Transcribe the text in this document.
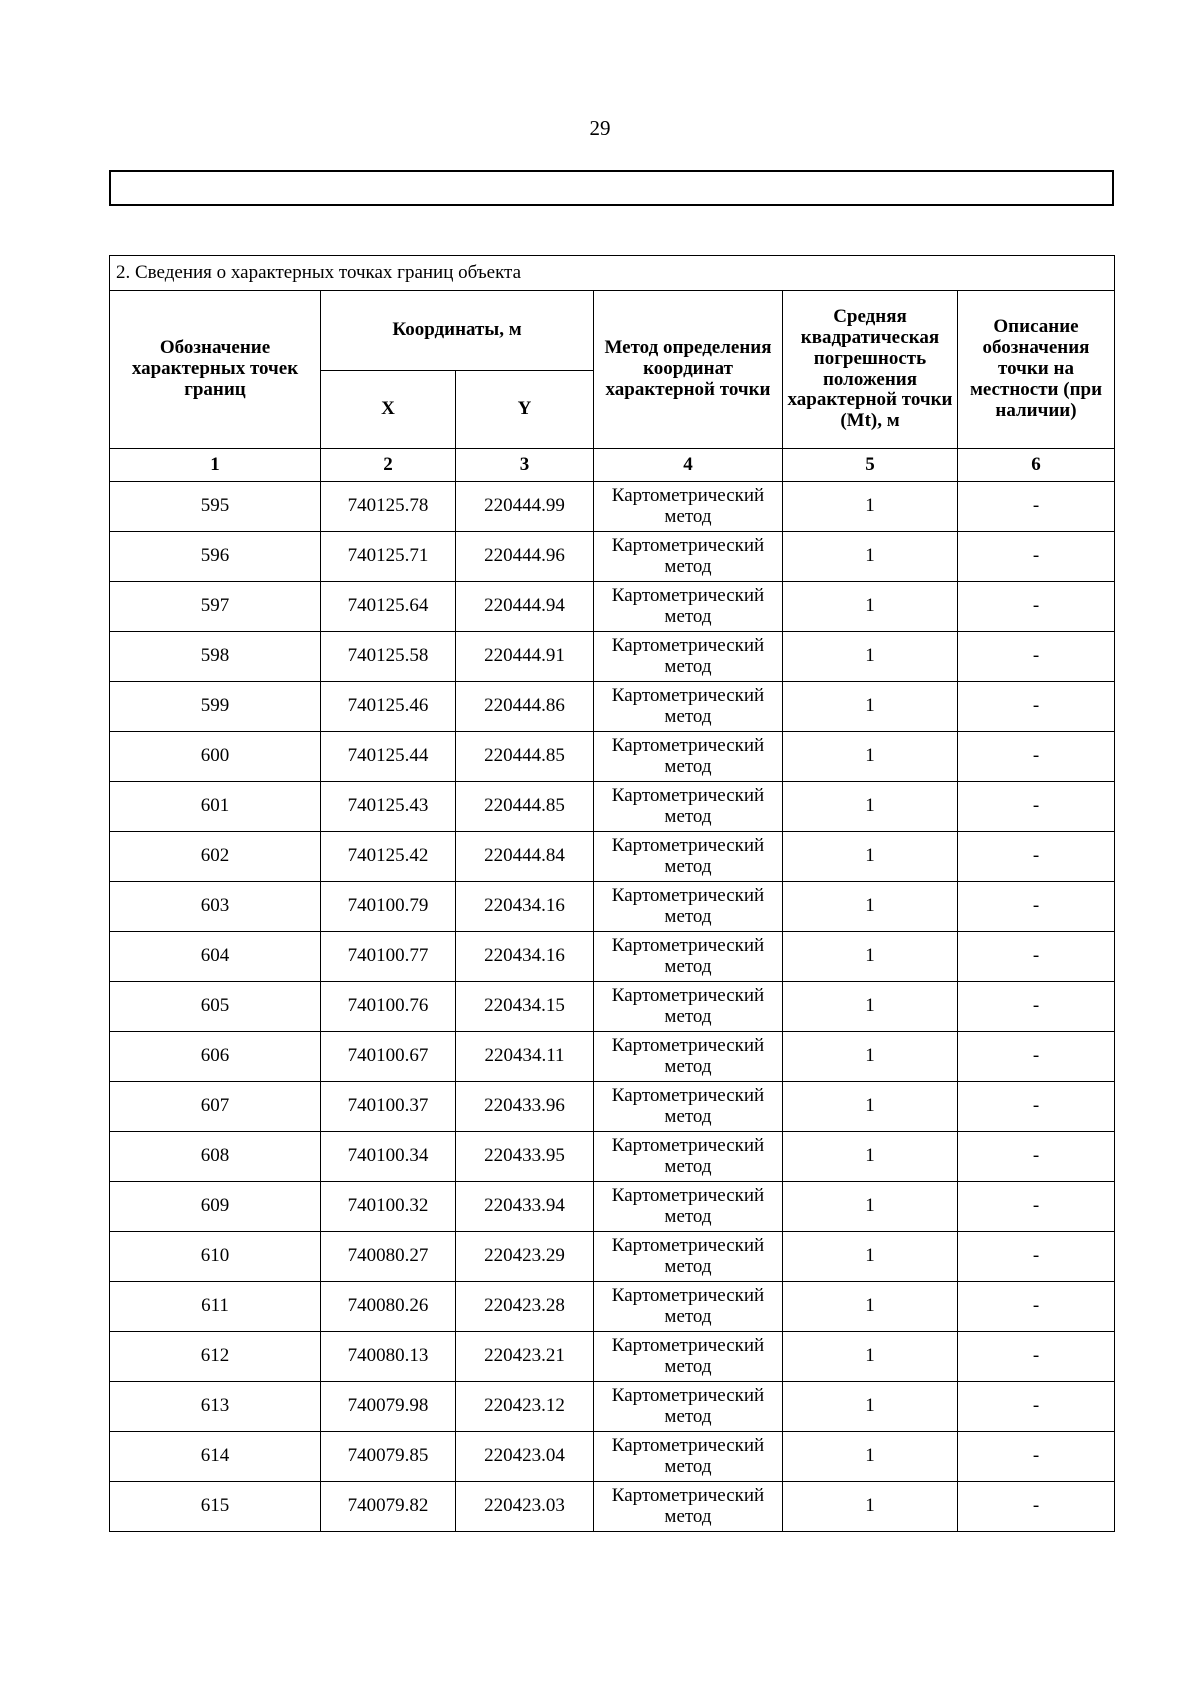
29
2. Сведения о характерных точках границ объекта					
Обозначение характерных точек границ	Координаты, м		Метод определения координат характерной точки	Средняя квадратическая погрешность положения характерной точки (Mt), м	Описание обозначения точки на местности (при наличии)
	X	Y			
1	2	3	4	5	6
595	740125.78	220444.99	Картометрический метод	1	-
596	740125.71	220444.96	Картометрический метод	1	-
597	740125.64	220444.94	Картометрический метод	1	-
598	740125.58	220444.91	Картометрический метод	1	-
599	740125.46	220444.86	Картометрический метод	1	-
600	740125.44	220444.85	Картометрический метод	1	-
601	740125.43	220444.85	Картометрический метод	1	-
602	740125.42	220444.84	Картометрический метод	1	-
603	740100.79	220434.16	Картометрический метод	1	-
604	740100.77	220434.16	Картометрический метод	1	-
605	740100.76	220434.15	Картометрический метод	1	-
606	740100.67	220434.11	Картометрический метод	1	-
607	740100.37	220433.96	Картометрический метод	1	-
608	740100.34	220433.95	Картометрический метод	1	-
609	740100.32	220433.94	Картометрический метод	1	-
610	740080.27	220423.29	Картометрический метод	1	-
611	740080.26	220423.28	Картометрический метод	1	-
612	740080.13	220423.21	Картометрический метод	1	-
613	740079.98	220423.12	Картометрический метод	1	-
614	740079.85	220423.04	Картометрический метод	1	-
615	740079.82	220423.03	Картометрический метод	1	-
